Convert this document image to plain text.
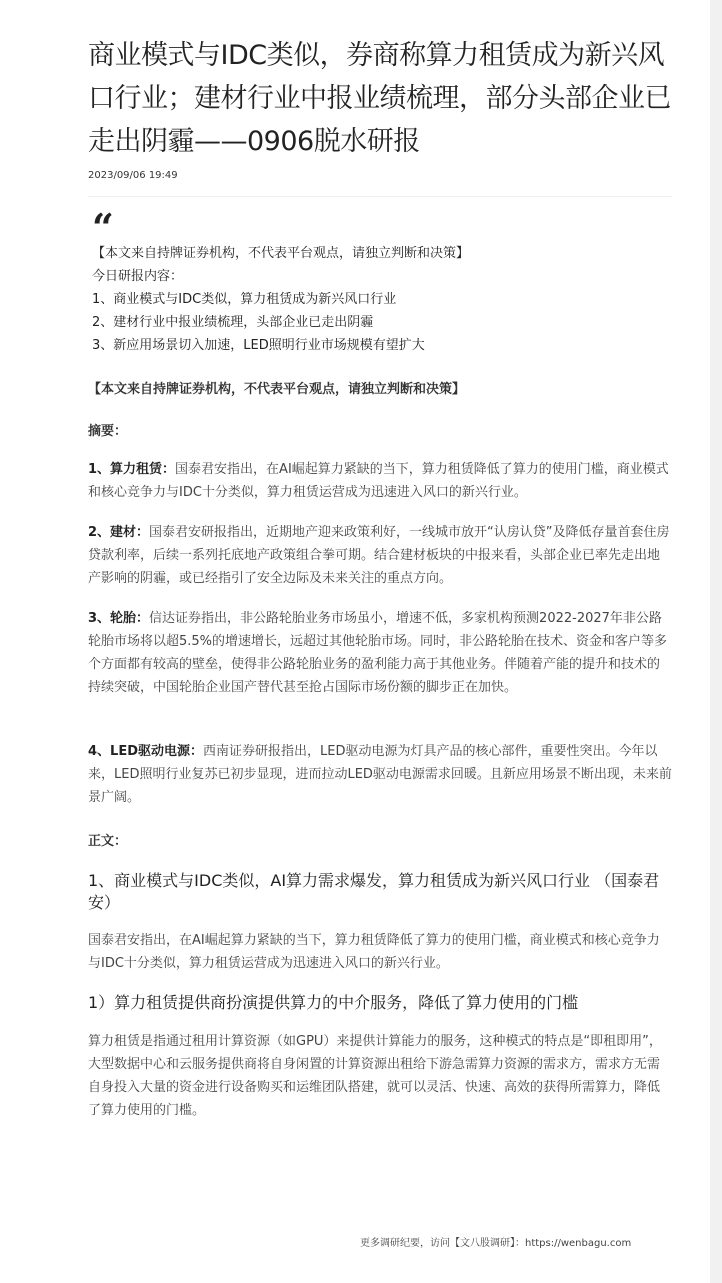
商业模式与IDC类似，券商称算力租赁成为新兴风口行业；建材行业中报业绩梳理，部分头部企业已走出阴霾——0906脱水研报
2023/09/06 19:49
“
【本文来自持牌证券机构，不代表平台观点，请独立判断和决策】
今日研报内容：
1、商业模式与IDC类似，算力租赁成为新兴风口行业
2、建材行业中报业绩梳理，头部企业已走出阴霾
3、新应用场景切入加速，LED照明行业市场规模有望扩大
【本文来自持牌证券机构，不代表平台观点，请独立判断和决策】
摘要：

1、算力租赁：国泰君安指出，在AI崛起算力紧缺的当下，算力租赁降低了算力的使用门槛，商业模式和核心竞争力与IDC十分类似，算力租赁运营成为迅速进入风口的新兴行业。

2、建材：国泰君安研报指出，近期地产迎来政策利好，一线城市放开“认房认贷”及降低存量首套住房贷款利率，后续一系列托底地产政策组合拳可期。结合建材板块的中报来看，头部企业已率先走出地产影响的阴霾，或已经指引了安全边际及未来关注的重点方向。

3、轮胎：信达证券指出，非公路轮胎业务市场虽小，增速不低，多家机构预测2022-2027年非公路轮胎市场将以超5.5%的增速增长，远超过其他轮胎市场。同时，非公路轮胎在技术、资金和客户等多个方面都有较高的壁垒，使得非公路轮胎业务的盈利能力高于其他业务。伴随着产能的提升和技术的持续突破，中国轮胎企业国产替代甚至抢占国际市场份额的脚步正在加快。

4、LED驱动电源：西南证券研报指出，LED驱动电源为灯具产品的核心部件，重要性突出。今年以来，LED照明行业复苏已初步显现，进而拉动LED驱动电源需求回暖。且新应用场景不断出现，未来前景广阔。

正文：
1、商业模式与IDC类似，AI算力需求爆发，算力租赁成为新兴风口行业 （国泰君安）

国泰君安指出，在AI崛起算力紧缺的当下，算力租赁降低了算力的使用门槛，商业模式和核心竞争力与IDC十分类似，算力租赁运营成为迅速进入风口的新兴行业。

1）算力租赁提供商扮演提供算力的中介服务，降低了算力使用的门槛

算力租赁是指通过租用计算资源（如GPU）来提供计算能力的服务，这种模式的特点是“即租即用”，大型数据中心和云服务提供商将自身闲置的计算资源出租给下游急需算力资源的需求方，需求方无需自身投入大量的资金进行设备购买和运维团队搭建，就可以灵活、快速、高效的获得所需算力，降低了算力使用的门槛。

更多调研纪要，访问【文八股调研】：https://wenbagu.com
